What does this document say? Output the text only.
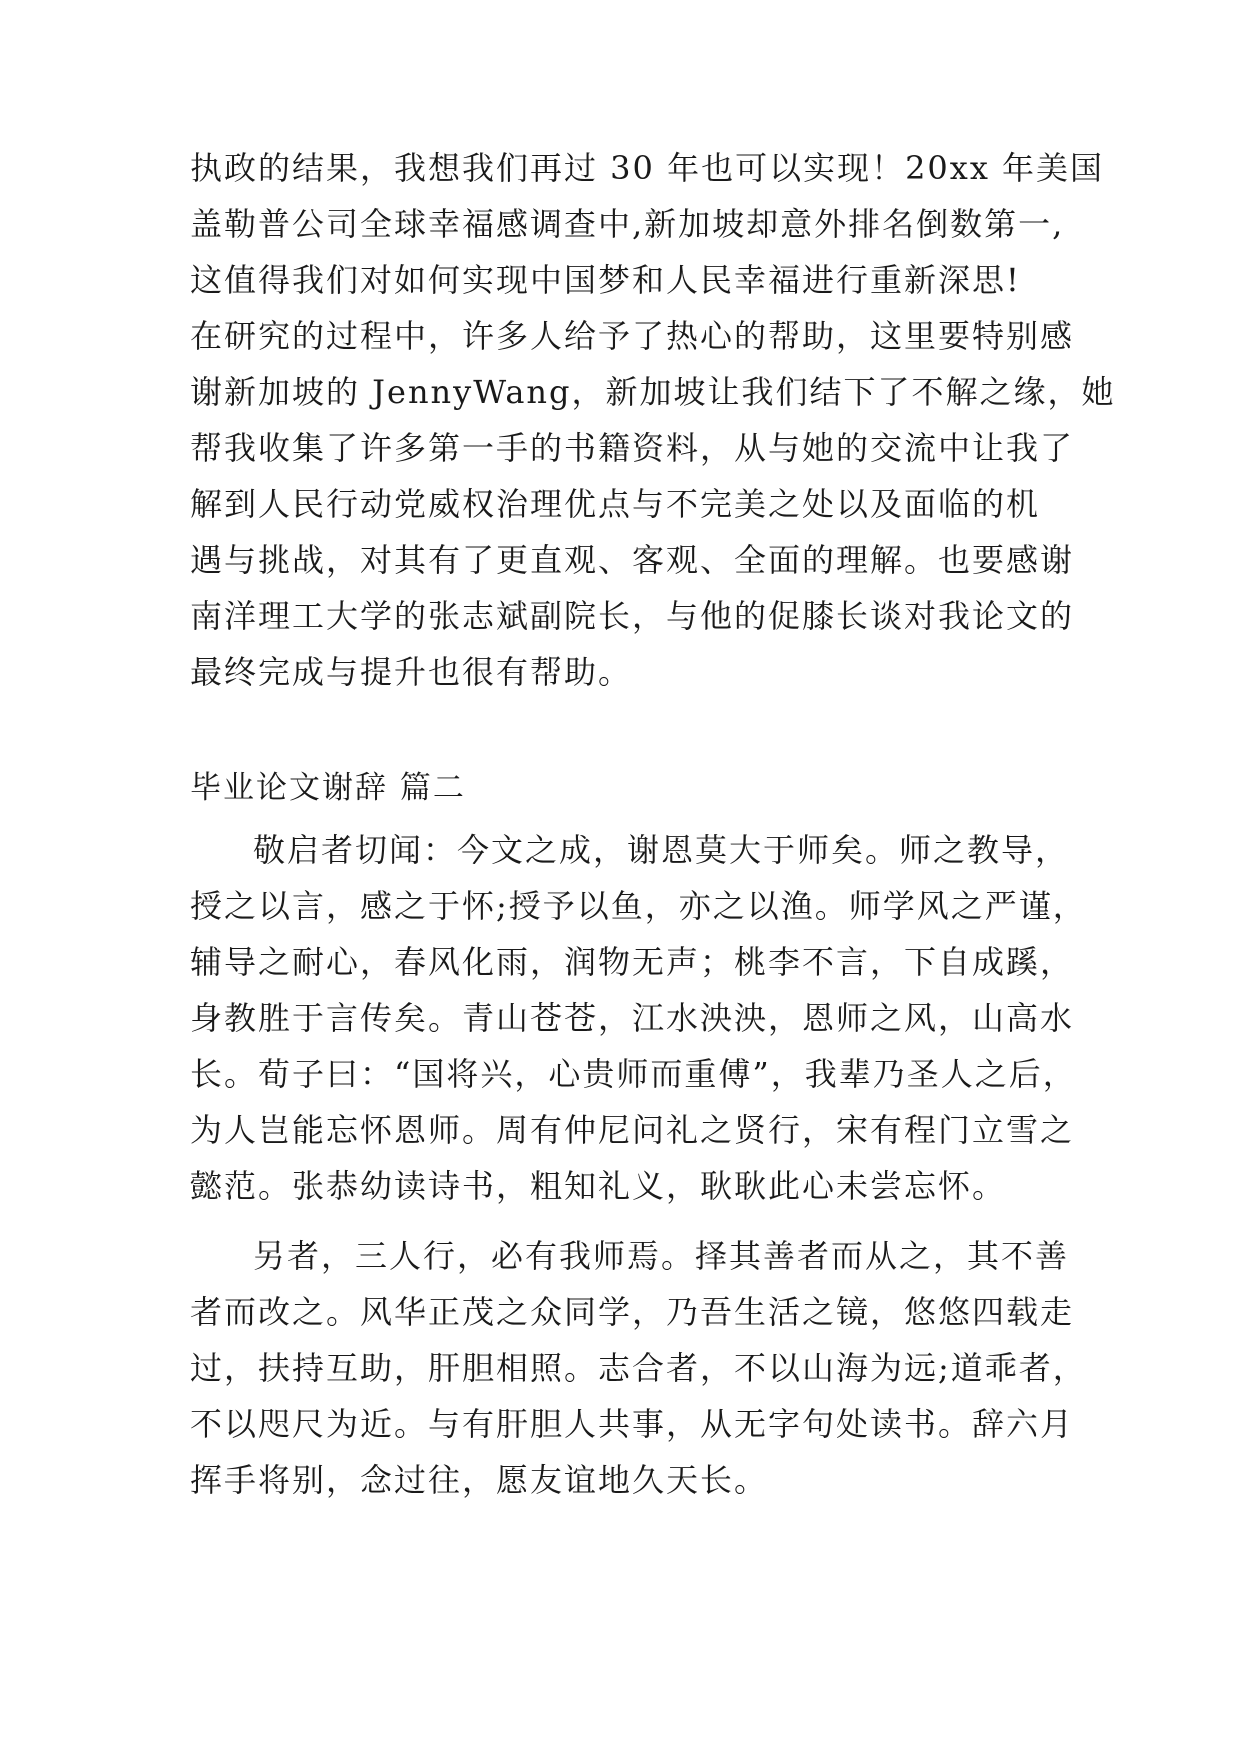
执政的结果，我想我们再过 30 年也可以实现！20xx 年美国

盖勒普公司全球幸福感调查中,新加坡却意外排名倒数第一,

这值得我们对如何实现中国梦和人民幸福进行重新深思!

在研究的过程中，许多人给予了热心的帮助，这里要特别感

谢新加坡的 JennyWang，新加坡让我们结下了不解之缘，她

帮我收集了许多第一手的书籍资料，从与她的交流中让我了

解到人民行动党威权治理优点与不完美之处以及面临的机

遇与挑战，对其有了更直观、客观、全面的理解。也要感谢

南洋理工大学的张志斌副院长，与他的促膝长谈对我论文的

最终完成与提升也很有帮助。

毕业论文谢辞 篇二

敬启者切闻：今文之成，谢恩莫大于师矣。师之教导，

授之以言，感之于怀;授予以鱼，亦之以渔。师学风之严谨，

辅导之耐心，春风化雨，润物无声；桃李不言，下自成蹊，

身教胜于言传矣。青山苍苍，江水泱泱，恩师之风，山高水

长。荀子曰：“国将兴，心贵师而重傅”，我辈乃圣人之后，

为人岂能忘怀恩师。周有仲尼问礼之贤行，宋有程门立雪之

懿范。张恭幼读诗书，粗知礼义，耿耿此心未尝忘怀。

另者，三人行，必有我师焉。择其善者而从之，其不善

者而改之。风华正茂之众同学，乃吾生活之镜，悠悠四载走

过，扶持互助，肝胆相照。志合者，不以山海为远;道乖者，

不以咫尺为近。与有肝胆人共事，从无字句处读书。辞六月

挥手将别，念过往，愿友谊地久天长。
